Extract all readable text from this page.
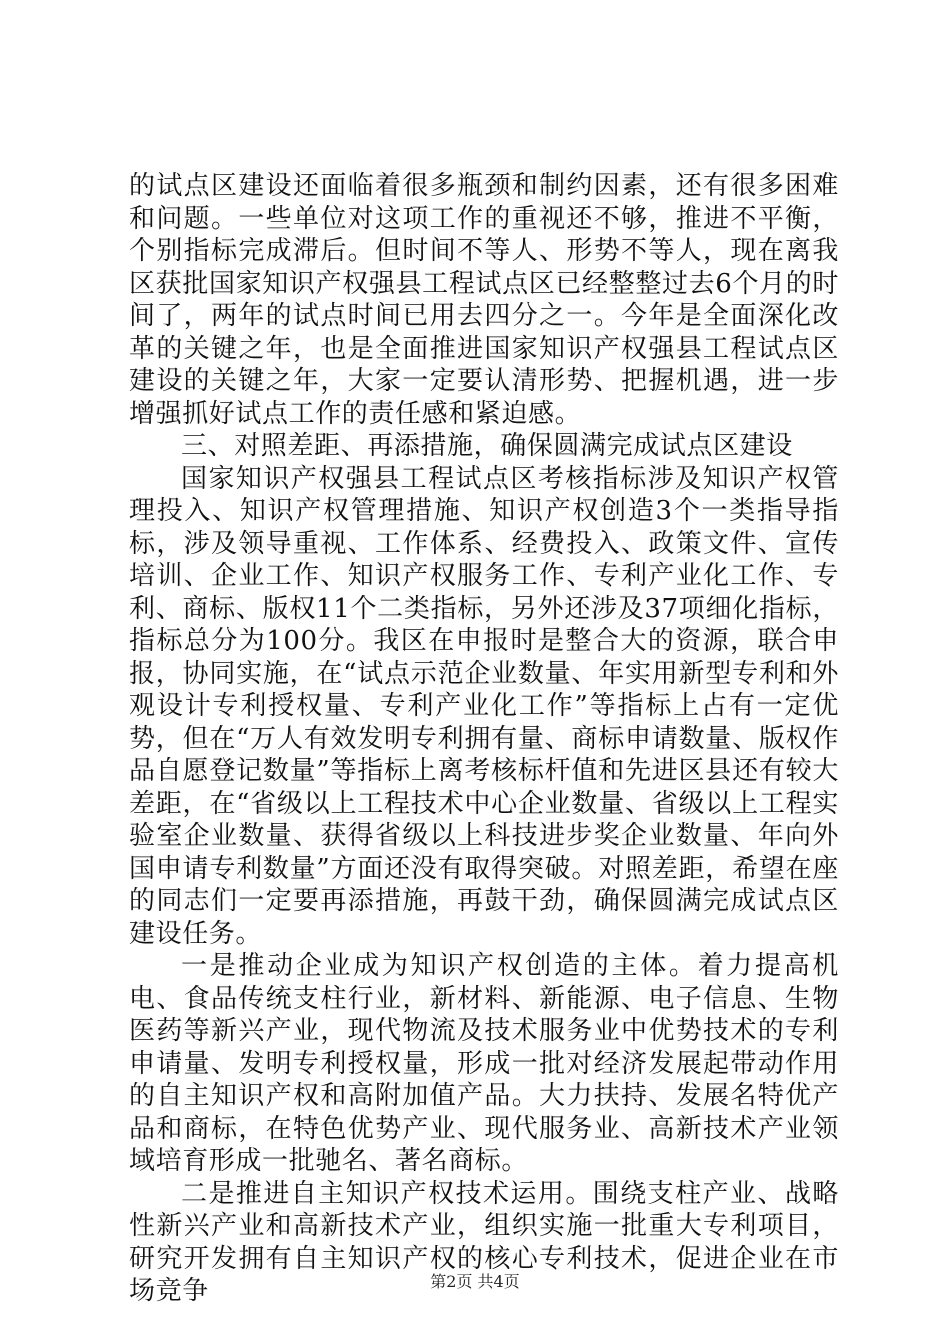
的试点区建设还面临着很多瓶颈和制约因素，还有很多困难和问题。一些单位对这项工作的重视还不够，推进不平衡，个别指标完成滞后。但时间不等人、形势不等人，现在离我区获批国家知识产权强县工程试点区已经整整过去6个月的时间了，两年的试点时间已用去四分之一。今年是全面深化改革的关键之年，也是全面推进国家知识产权强县工程试点区建设的关键之年，大家一定要认清形势、把握机遇，进一步增强抓好试点工作的责任感和紧迫感。

三、对照差距、再添措施，确保圆满完成试点区建设

国家知识产权强县工程试点区考核指标涉及知识产权管理投入、知识产权管理措施、知识产权创造3个一类指导指标，涉及领导重视、工作体系、经费投入、政策文件、宣传培训、企业工作、知识产权服务工作、专利产业化工作、专利、商标、版权11个二类指标，另外还涉及37项细化指标，指标总分为100分。我区在申报时是整合大的资源，联合申报，协同实施，在“试点示范企业数量、年实用新型专利和外观设计专利授权量、专利产业化工作”等指标上占有一定优势，但在“万人有效发明专利拥有量、商标申请数量、版权作品自愿登记数量”等指标上离考核标杆值和先进区县还有较大差距，在“省级以上工程技术中心企业数量、省级以上工程实验室企业数量、获得省级以上科技进步奖企业数量、年向外国申请专利数量”方面还没有取得突破。对照差距，希望在座的同志们一定要再添措施，再鼓干劲，确保圆满完成试点区建设任务。

一是推动企业成为知识产权创造的主体。着力提高机电、食品传统支柱行业，新材料、新能源、电子信息、生物医药等新兴产业，现代物流及技术服务业中优势技术的专利申请量、发明专利授权量，形成一批对经济发展起带动作用的自主知识产权和高附加值产品。大力扶持、发展名特优产品和商标，在特色优势产业、现代服务业、高新技术产业领域培育形成一批驰名、著名商标。

二是推进自主知识产权技术运用。围绕支柱产业、战略性新兴产业和高新技术产业，组织实施一批重大专利项目，研究开发拥有自主知识产权的核心专利技术，促进企业在市场竞争	第2页 共4页
